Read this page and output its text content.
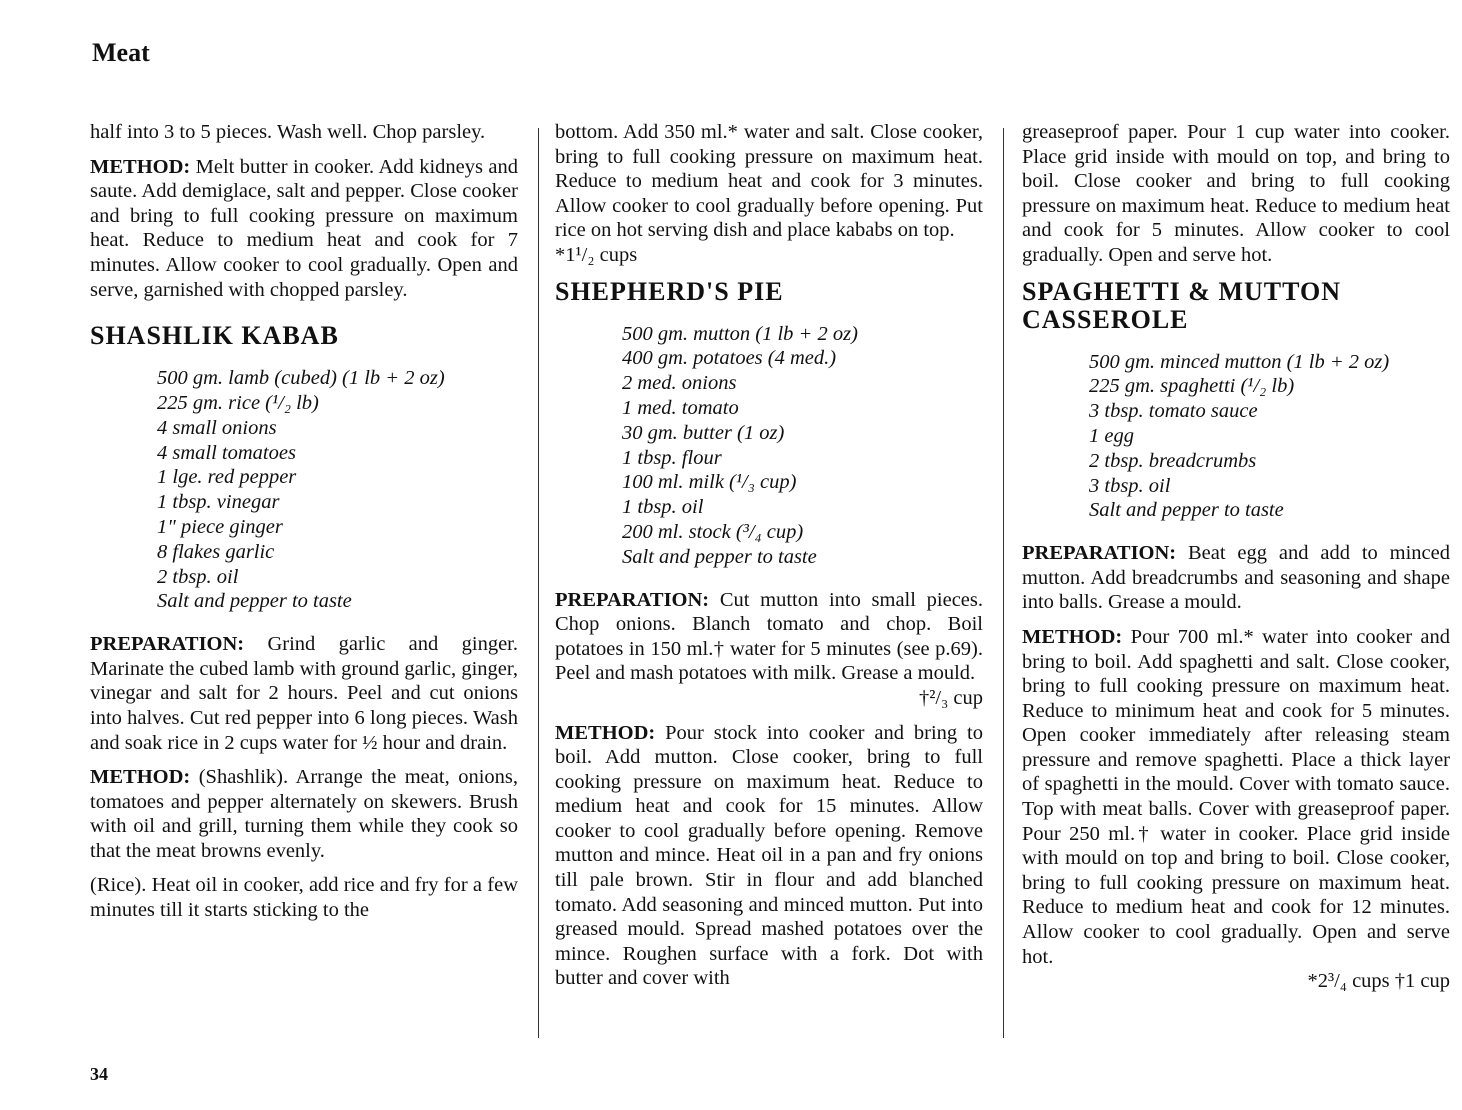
Meat

half into 3 to 5 pieces. Wash well. Chop parsley.

METHOD: Melt butter in cooker. Add kidneys and saute. Add demiglace, salt and pepper. Close cooker and bring to full cooking pressure on maximum heat. Reduce to medium heat and cook for 7 minutes. Allow cooker to cool gradually. Open and serve, garnished with chopped parsley.

SHASHLIK KABAB
500 gm. lamb (cubed) (1 lb + 2 oz)
225 gm. rice (¹/₂ lb)
4 small onions
4 small tomatoes
1 lge. red pepper
1 tbsp. vinegar
1" piece ginger
8 flakes garlic
2 tbsp. oil
Salt and pepper to taste

PREPARATION: Grind garlic and ginger. Marinate the cubed lamb with ground garlic, ginger, vinegar and salt for 2 hours. Peel and cut onions into halves. Cut red pepper into 6 long pieces. Wash and soak rice in 2 cups water for ½ hour and drain.

METHOD: (Shashlik). Arrange the meat, onions, tomatoes and pepper alternately on skewers. Brush with oil and grill, turning them while they cook so that the meat browns evenly.

(Rice). Heat oil in cooker, add rice and fry for a few minutes till it starts sticking to the

bottom. Add 350 ml.* water and salt. Close cooker, bring to full cooking pressure on maximum heat. Reduce to medium heat and cook for 3 minutes. Allow cooker to cool gradually before opening. Put rice on hot serving dish and place kababs on top.

*1¹/₂ cups

SHEPHERD'S PIE
500 gm. mutton (1 lb + 2 oz)
400 gm. potatoes (4 med.)
2 med. onions
1 med. tomato
30 gm. butter (1 oz)
1 tbsp. flour
100 ml. milk (¹/₃ cup)
1 tbsp. oil
200 ml. stock (³/₄ cup)
Salt and pepper to taste

PREPARATION: Cut mutton into small pieces. Chop onions. Blanch tomato and chop. Boil potatoes in 150 ml.† water for 5 minutes (see p.69). Peel and mash potatoes with milk. Grease a mould.

†²/₃ cup

METHOD: Pour stock into cooker and bring to boil. Add mutton. Close cooker, bring to full cooking pressure on maximum heat. Reduce to medium heat and cook for 15 minutes. Allow cooker to cool gradually before opening. Remove mutton and mince. Heat oil in a pan and fry onions till pale brown. Stir in flour and add blanched tomato. Add seasoning and minced mutton. Put into greased mould. Spread mashed potatoes over the mince. Roughen surface with a fork. Dot with butter and cover with

greaseproof paper. Pour 1 cup water into cooker. Place grid inside with mould on top, and bring to boil. Close cooker and bring to full cooking pressure on maximum heat. Reduce to medium heat and cook for 5 minutes. Allow cooker to cool gradually. Open and serve hot.

SPAGHETTI & MUTTON
CASSEROLE
500 gm. minced mutton (1 lb + 2 oz)
225 gm. spaghetti (¹/₂ lb)
3 tbsp. tomato sauce
1 egg
2 tbsp. breadcrumbs
3 tbsp. oil
Salt and pepper to taste

PREPARATION: Beat egg and add to minced mutton. Add breadcrumbs and seasoning and shape into balls. Grease a mould.

METHOD: Pour 700 ml.* water into cooker and bring to boil. Add spaghetti and salt. Close cooker, bring to full cooking pressure on maximum heat. Reduce to minimum heat and cook for 5 minutes. Open cooker immediately after releasing steam pressure and remove spaghetti. Place a thick layer of spaghetti in the mould. Cover with tomato sauce. Top with meat balls. Cover with greaseproof paper. Pour 250 ml.† water in cooker. Place grid inside with mould on top and bring to boil. Close cooker, bring to full cooking pressure on maximum heat. Reduce to medium heat and cook for 12 minutes. Allow cooker to cool gradually. Open and serve hot.

*2³/₄ cups †1 cup

34
